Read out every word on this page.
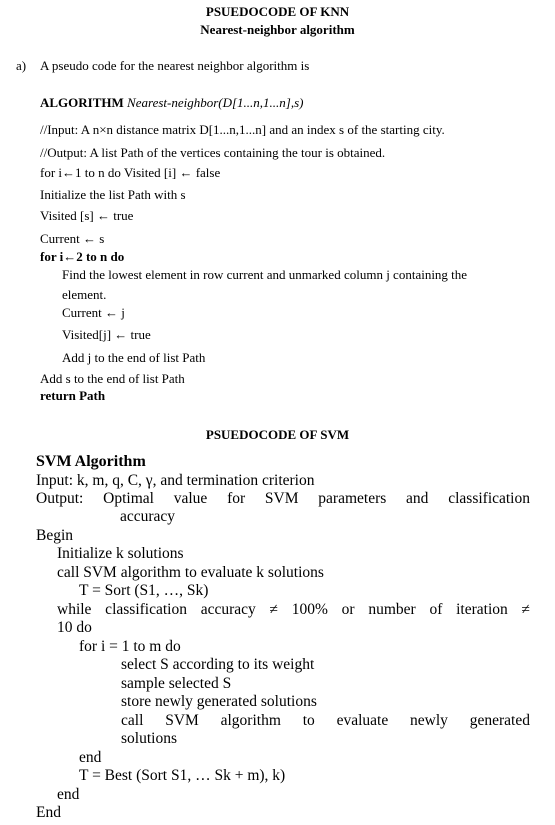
PSUEDOCODE OF KNN
Nearest-neighbor algorithm
a) A pseudo code for the nearest neighbor algorithm is
ALGORITHM Nearest-neighbor(D[1...n,1...n],s)
//Input: A n×n distance matrix D[1...n,1...n] and an index s of the starting city.
//Output: A list Path of the vertices containing the tour is obtained.
for i←1 to n do Visited [i] ← false
Initialize the list Path with s
Visited [s] ← true
Current ← s
for i←2 to n do
Find the lowest element in row current and unmarked column j containing the
element.
Current ← j
Visited[j] ← true
Add j to the end of list Path
Add s to the end of list Path
return Path
PSUEDOCODE OF SVM
SVM Algorithm
Input: k, m, q, C, γ, and termination criterion
Output: Optimal value for SVM parameters and classification
accuracy
Begin
Initialize k solutions
call SVM algorithm to evaluate k solutions
T = Sort (S1, …, Sk)
while classification accuracy ≠ 100% or number of iteration ≠
10 do
for i = 1 to m do
select S according to its weight
sample selected S
store newly generated solutions
call SVM algorithm to evaluate newly generated
solutions
end
T = Best (Sort S1, … Sk + m), k)
end
End
